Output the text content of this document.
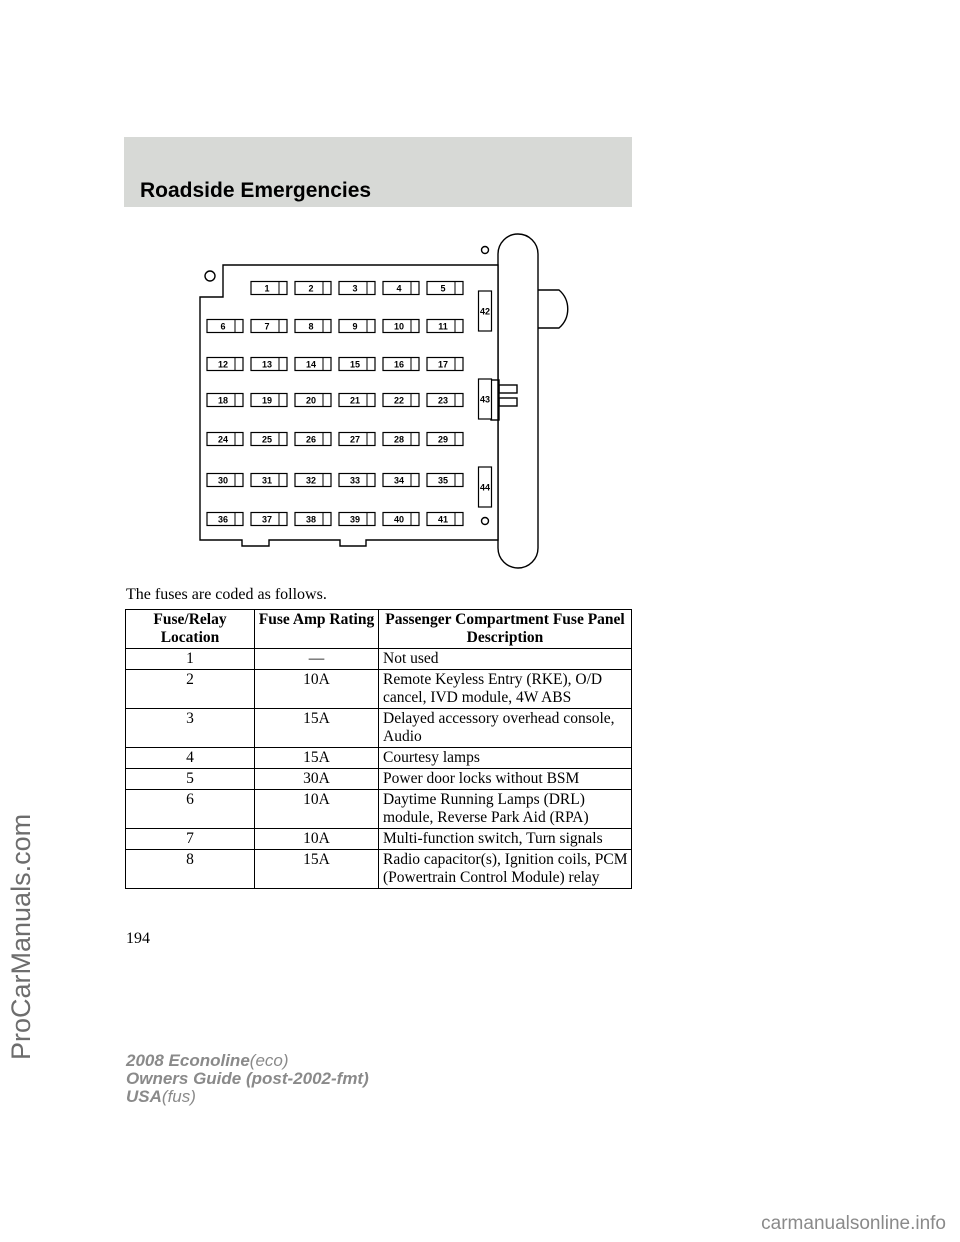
Roadside Emergencies
ProCarManuals.com
1	2	3	4	5
6	7	8	9	10	11
12	13	14	15	16	17
18	19	20	21	22	23
24	25	26	27	28	29
30	31	32	33	34	35
36	37	38	39	40	41
42
43
44

The fuses are coded as follows.

Fuse/Relay Location	Fuse Amp Rating	Passenger Compartment Fuse Panel Description
1	—	Not used
2	10A	Remote Keyless Entry (RKE), O/D cancel, IVD module, 4W ABS
3	15A	Delayed accessory overhead console, Audio
4	15A	Courtesy lamps
5	30A	Power door locks without BSM
6	10A	Daytime Running Lamps (DRL) module, Reverse Park Aid (RPA)
7	10A	Multi-function switch, Turn signals
8	15A	Radio capacitor(s), Ignition coils, PCM (Powertrain Control Module) relay
194
2008 Econoline(eco)
Owners Guide (post-2002-fmt)
USA(fus)
carmanualsonline.info
